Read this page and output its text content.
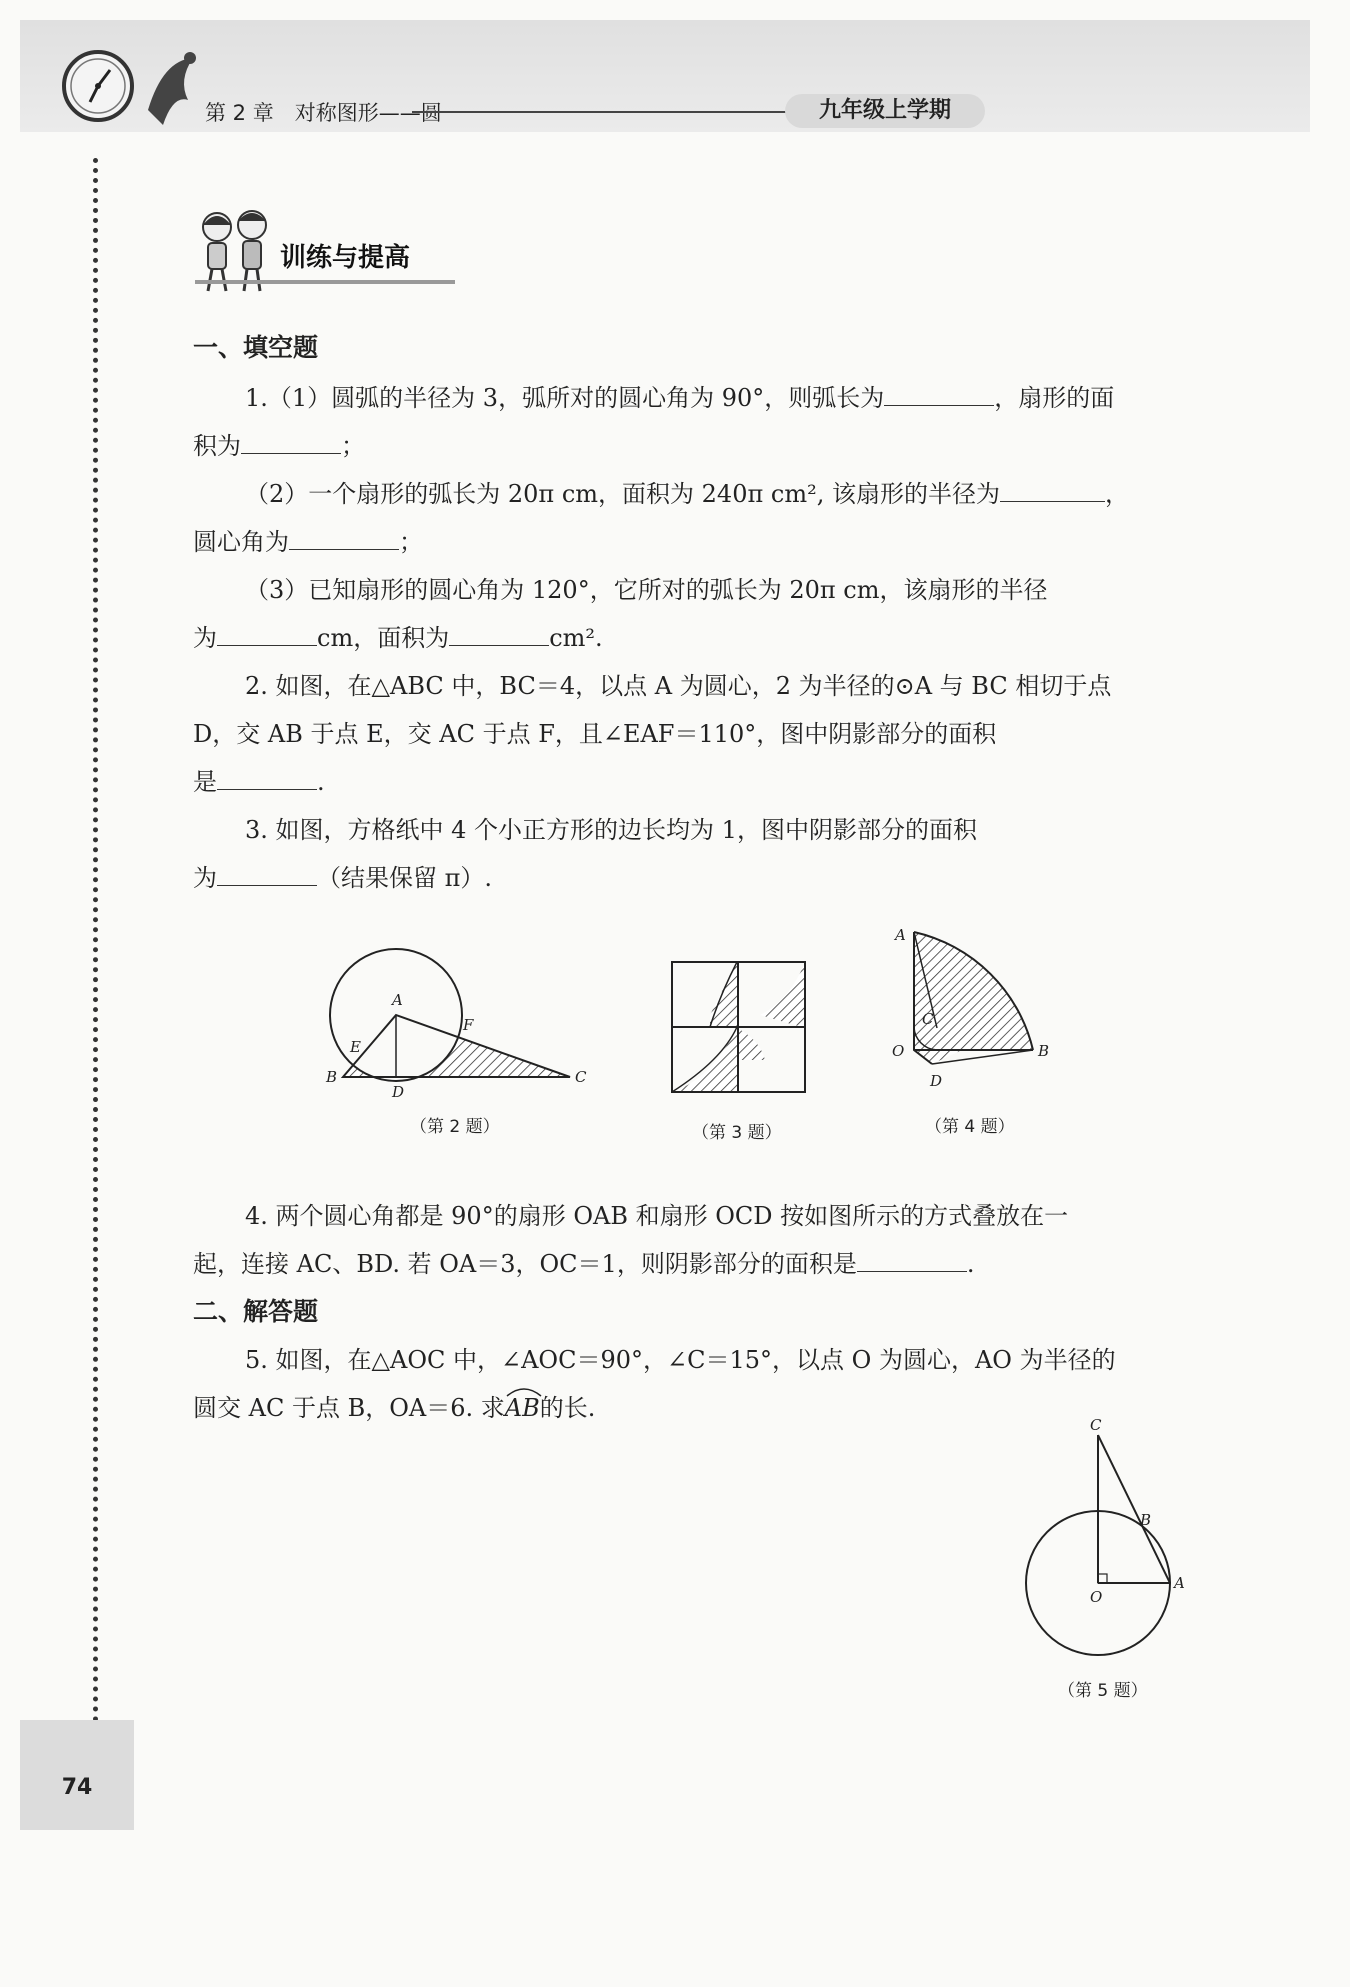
第 2 章　对称图形——圆	九年级上学期
训练与提高
一、填空题
1.（1）圆弧的半径为 3，弧所对的圆心角为 90°，则弧长为	，扇形的面
积为	；
（2）一个扇形的弧长为 20π cm，面积为 240π cm², 该扇形的半径为	，
圆心角为	；
（3）已知扇形的圆心角为 120°，它所对的弧长为 20π cm，该扇形的半径
为	cm，面积为	cm².
2. 如图，在△ABC 中，BC＝4，以点 A 为圆心，2 为半径的⊙A 与 BC 相切于点
D，交 AB 于点 E，交 AC 于点 F，且∠EAF＝110°，图中阴影部分的面积
是	.
3. 如图，方格纸中 4 个小正方形的边长均为 1，图中阴影部分的面积
为	（结果保留 π）.
A
B	C
D
E
F
A
B
C
D
O
C
B
A
O
（第 2 题）	（第 3 题）	（第 4 题）
（第 5 题）
4. 两个圆心角都是 90°的扇形 OAB 和扇形 OCD 按如图所示的方式叠放在一
起，连接 AC、BD. 若 OA＝3，OC＝1，则阴影部分的面积是	.
二、解答题
5. 如图，在△AOC 中，∠AOC＝90°，∠C＝15°，以点 O 为圆心，AO 为半径的
圆交 AC 于点 B，OA＝6. 求
AB的长.
74
